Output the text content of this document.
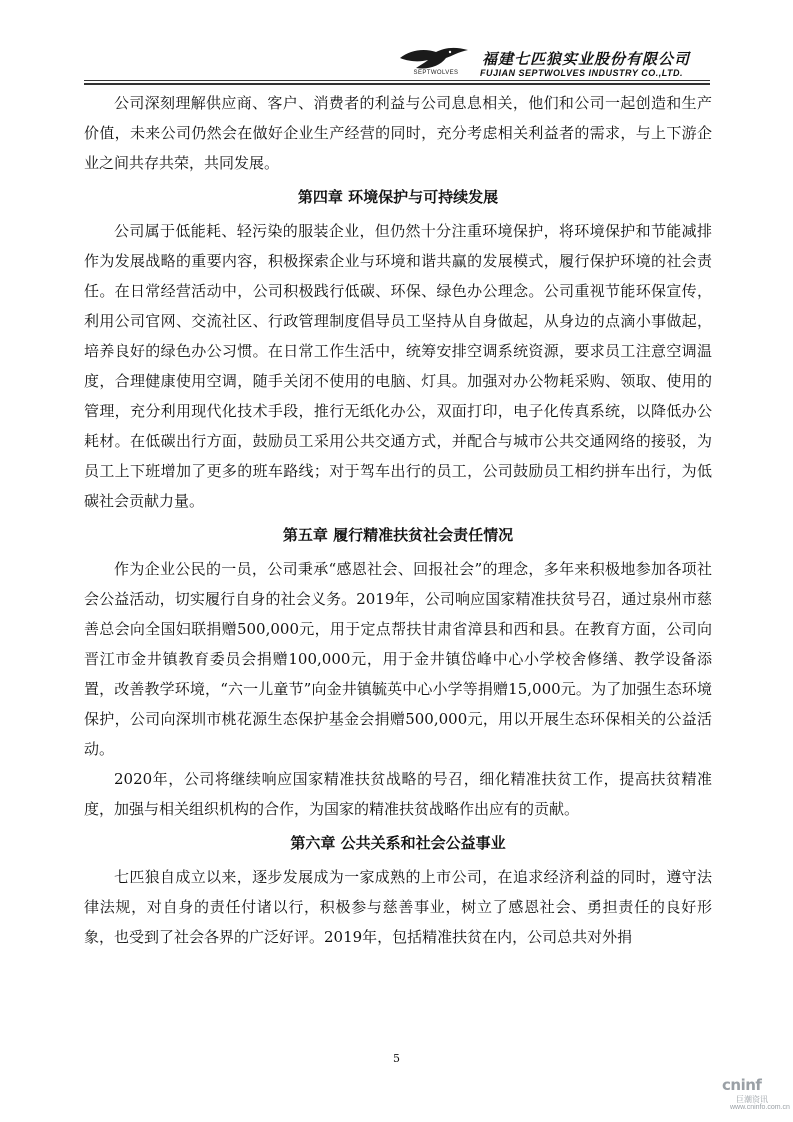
SEPTWOLVES
福建七匹狼实业股份有限公司
FUJIAN SEPTWOLVES INDUSTRY CO.,LTD.

公司深刻理解供应商、客户、消费者的利益与公司息息相关，他们和公司一起创造和生产价值，未来公司仍然会在做好企业生产经营的同时，充分考虑相关利益者的需求，与上下游企业之间共存共荣，共同发展。

第四章 环境保护与可持续发展

公司属于低能耗、轻污染的服装企业，但仍然十分注重环境保护，将环境保护和节能减排作为发展战略的重要内容，积极探索企业与环境和谐共赢的发展模式，履行保护环境的社会责任。在日常经营活动中，公司积极践行低碳、环保、绿色办公理念。公司重视节能环保宣传，利用公司官网、交流社区、行政管理制度倡导员工坚持从自身做起，从身边的点滴小事做起，培养良好的绿色办公习惯。在日常工作生活中，统筹安排空调系统资源，要求员工注意空调温度，合理健康使用空调，随手关闭不使用的电脑、灯具。加强对办公物耗采购、领取、使用的管理，充分利用现代化技术手段，推行无纸化办公，双面打印，电子化传真系统，以降低办公耗材。在低碳出行方面，鼓励员工采用公共交通方式，并配合与城市公共交通网络的接驳，为员工上下班增加了更多的班车路线；对于驾车出行的员工，公司鼓励员工相约拼车出行，为低碳社会贡献力量。

第五章 履行精准扶贫社会责任情况

作为企业公民的一员，公司秉承“感恩社会、回报社会”的理念，多年来积极地参加各项社会公益活动，切实履行自身的社会义务。2019年，公司响应国家精准扶贫号召，通过泉州市慈善总会向全国妇联捐赠500,000元，用于定点帮扶甘肃省漳县和西和县。在教育方面，公司向晋江市金井镇教育委员会捐赠100,000元，用于金井镇岱峰中心小学校舍修缮、教学设备添置，改善教学环境，“六一儿童节”向金井镇毓英中心小学等捐赠15,000元。为了加强生态环境保护，公司向深圳市桃花源生态保护基金会捐赠500,000元，用以开展生态环保相关的公益活动。

2020年，公司将继续响应国家精准扶贫战略的号召，细化精准扶贫工作，提高扶贫精准度，加强与相关组织机构的合作，为国家的精准扶贫战略作出应有的贡献。

第六章 公共关系和社会公益事业

七匹狼自成立以来，逐步发展成为一家成熟的上市公司，在追求经济利益的同时，遵守法律法规，对自身的责任付诸以行，积极参与慈善事业，树立了感恩社会、勇担责任的良好形象，也受到了社会各界的广泛好评。2019年，包括精准扶贫在内，公司总共对外捐

5
cninf
巨潮资讯
www.cninfo.com.cn
